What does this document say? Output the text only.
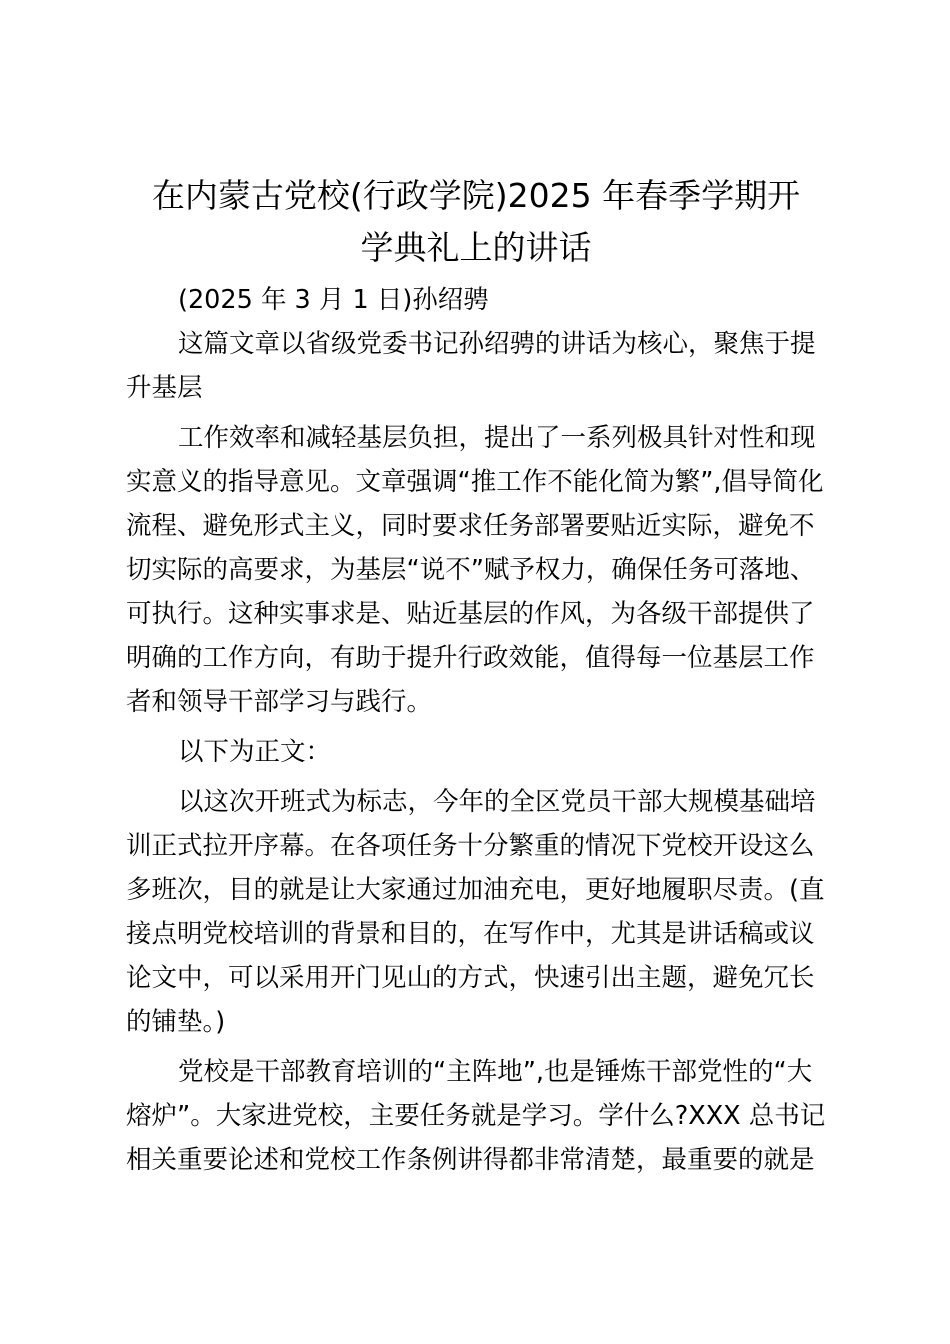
在内蒙古党校(行政学院)2025 年春季学期开
学典礼上的讲话
(2025 年 3 月 1 日)孙绍骋
这篇文章以省级党委书记孙绍骋的讲话为核心，聚焦于提
升基层
工作效率和减轻基层负担，提出了一系列极具针对性和现
实意义的指导意见。文章强调“推工作不能化简为繁”,倡导简化
流程、避免形式主义，同时要求任务部署要贴近实际，避免不
切实际的高要求，为基层“说不”赋予权力，确保任务可落地、
可执行。这种实事求是、贴近基层的作风，为各级干部提供了
明确的工作方向，有助于提升行政效能，值得每一位基层工作
者和领导干部学习与践行。
以下为正文：
以这次开班式为标志，今年的全区党员干部大规模基础培
训正式拉开序幕。在各项任务十分繁重的情况下党校开设这么
多班次，目的就是让大家通过加油充电，更好地履职尽责。(直
接点明党校培训的背景和目的，在写作中，尤其是讲话稿或议
论文中，可以采用开门见山的方式，快速引出主题，避免冗长
的铺垫。)
党校是干部教育培训的“主阵地”,也是锤炼干部党性的“大
熔炉”。大家进党校，主要任务就是学习。学什么?XXX 总书记
相关重要论述和党校工作条例讲得都非常清楚，最重要的就是
